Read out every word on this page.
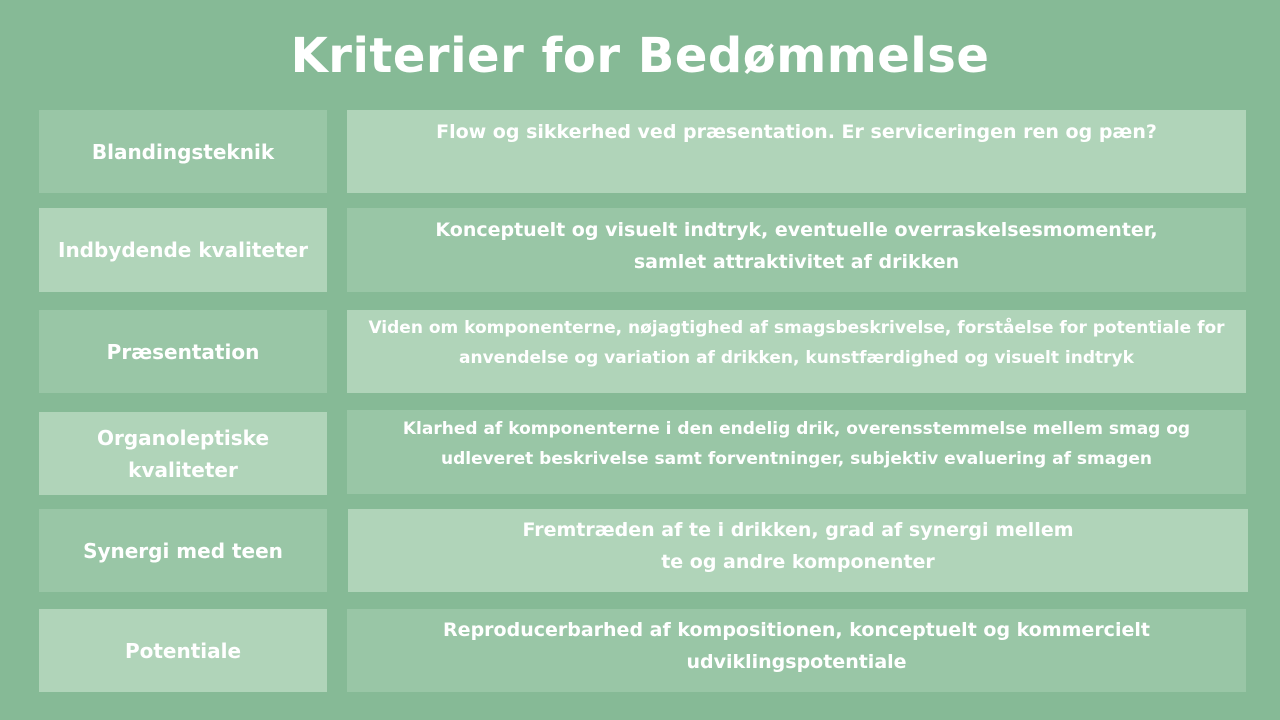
Kriterier for Bedømmelse
Blandingsteknik
Flow og sikkerhed ved præsentation. Er serviceringen ren og pæn?
Indbydende kvaliteter
Konceptuelt og visuelt indtryk, eventuelle overraskelsesmomenter,
samlet attraktivitet af drikken
Præsentation
Viden om komponenterne, nøjagtighed af smagsbeskrivelse, forståelse for potentiale for
anvendelse og variation af drikken, kunstfærdighed og visuelt indtryk
Organoleptiske
kvaliteter
Klarhed af komponenterne i den endelig drik, overensstemmelse mellem smag og
udleveret beskrivelse samt forventninger, subjektiv evaluering af smagen
Synergi med teen
Fremtræden af te i drikken, grad af synergi mellem
te og andre komponenter
Potentiale
Reproducerbarhed af kompositionen, konceptuelt og kommercielt
udviklingspotentiale
